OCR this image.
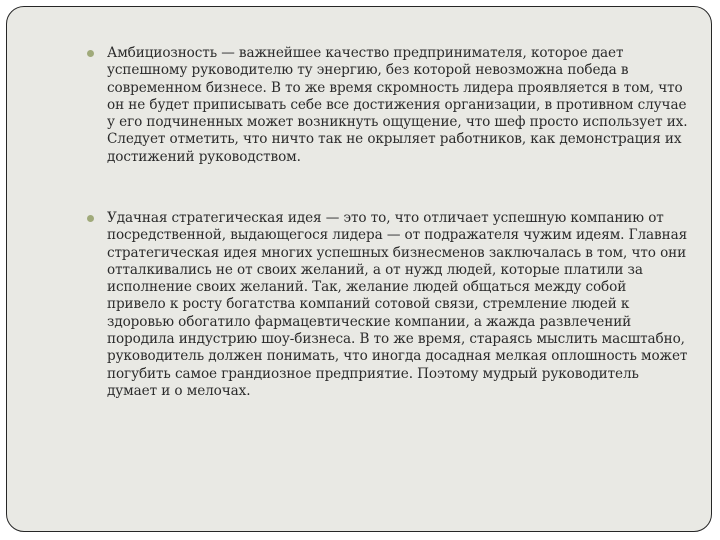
Амбициозность — важнейшее качество предпринимателя, которое дает успешному руководителю ту энергию, без которой невозможна победа в современном бизнесе. В то же время скромность лидера проявляется в том, что он не будет приписывать себе все достижения организации, в противном случае у его подчиненных может возникнуть ощущение, что шеф просто использует их. Следует отметить, что ничто так не окрыляет работников, как демонстрация их достижений руководством.
Удачная стратегическая идея — это то, что отличает успешную компанию от посредственной, выдающегося лидера — от подражателя чужим идеям. Главная стратегическая идея многих успешных бизнесменов заключалась в том, что они отталкивались не от своих желаний, а от нужд людей, которые платили за исполнение своих желаний. Так, желание людей общаться между собой привело к росту богатства компаний сотовой связи, стремление людей к здоровью обогатило фармацевтические компании, а жажда развлечений породила индустрию шоу-бизнеса. В то же время, стараясь мыслить масштабно, руководитель должен понимать, что иногда досадная мелкая оплошность может погубить самое грандиозное предприятие. Поэтому мудрый руководитель думает и о мелочах.
